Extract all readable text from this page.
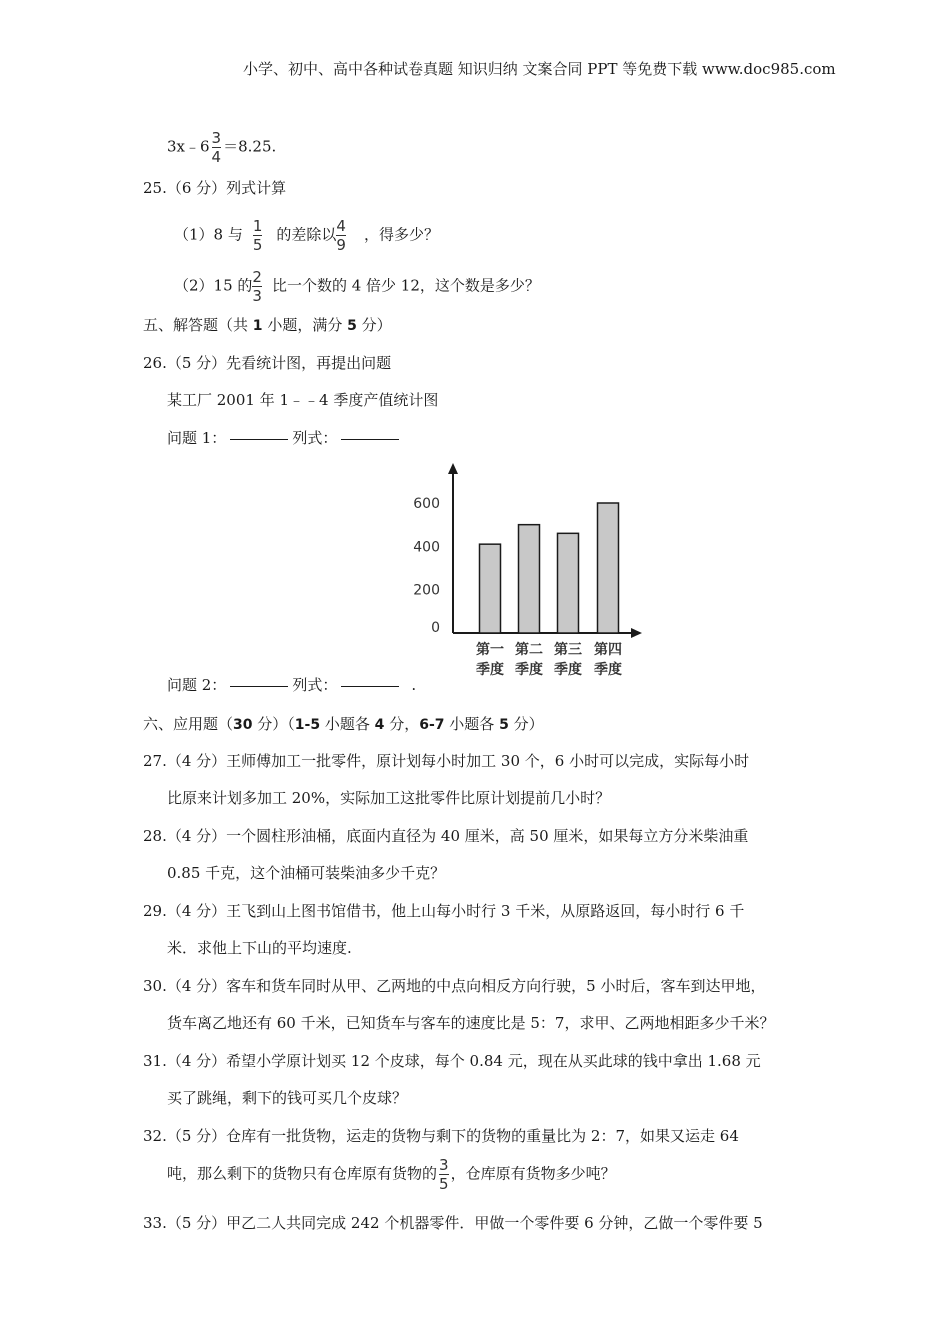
小学、初中、高中各种试卷真题 知识归纳 文案合同 PPT 等免费下载 www.doc985.com
3x﹣6 $\frac{3}{4} =8.25$.
25.（6 分）列式计算
（1）8 与 $\frac{1}{5}$ 的差除以 $\frac{4}{9}$ ，得多少？
（2）15 的 $\frac{2}{3}$ 比一个数的 4 倍少 12，这个数是多少？
五、解答题（共 1 小题，满分 5 分）
26.（5 分）先看统计图，再提出问题
某工厂 2001 年 1﹣﹣4 季度产值统计图
问题 1：	列式：
0
200
400
600
第一
季度
第二
季度
第三
季度
第四
季度
问题 2：	列式：	.
六、应用题（30 分）（1-5 小题各 4 分，6-7 小题各 5 分）
27.（4 分）王师傅加工一批零件，原计划每小时加工 30 个，6 小时可以完成，实际每小时
比原来计划多加工 20%，实际加工这批零件比原计划提前几小时？
28.（4 分）一个圆柱形油桶，底面内直径为 40 厘米，高 50 厘米，如果每立方分米柴油重
0.85 千克，这个油桶可装柴油多少千克？
29.（4 分）王飞到山上图书馆借书，他上山每小时行 3 千米，从原路返回，每小时行 6 千
米．求他上下山的平均速度.
30.（4 分）客车和货车同时从甲、乙两地的中点向相反方向行驶，5 小时后，客车到达甲地，
货车离乙地还有 60 千米，已知货车与客车的速度比是 5：7，求甲、乙两地相距多少千米？
31.（4 分）希望小学原计划买 12 个皮球，每个 0.84 元，现在从买此球的钱中拿出 1.68 元
买了跳绳，剩下的钱可买几个皮球？
32.（5 分）仓库有一批货物，运走的货物与剩下的货物的重量比为 2：7，如果又运走 64
吨，那么剩下的货物只有仓库原有货物的 $\frac{3}{5}$ ，仓库原有货物多少吨？
33.（5 分）甲乙二人共同完成 242 个机器零件．甲做一个零件要 6 分钟，乙做一个零件要 5
